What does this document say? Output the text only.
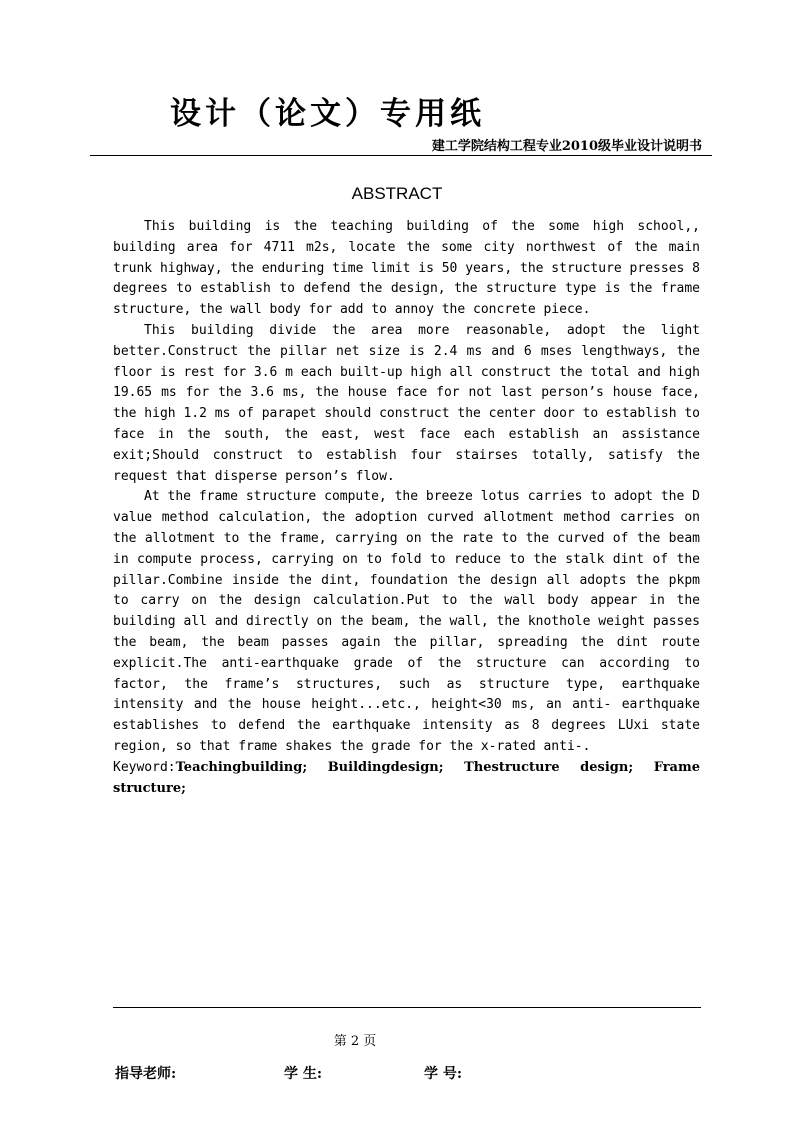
设计（论文）专用纸
建工学院结构工程专业2010级毕业设计说明书
ABSTRACT

This building is the teaching building of the some high school,, building area for 4711 m2s, locate the some city northwest of the main trunk highway, the enduring time limit is 50 years, the structure presses 8 degrees to establish to defend the design, the structure type is the frame structure, the wall body for add to annoy the concrete piece.

This building divide the area more reasonable, adopt the light better.Construct the pillar net size is 2.4 ms and 6 mses lengthways, the floor is rest for 3.6 m each built-up high all construct the total and high 19.65 ms for the 3.6 ms, the house face for not last person’s house face, the high 1.2 ms of parapet should construct the center door to establish to face in the south, the east, west face each establish an assistance exit;Should construct to establish four stairses totally, satisfy the request that disperse person’s flow.

At the frame structure compute, the breeze lotus carries to adopt the D value method calculation, the adoption curved allotment method carries on the allotment to the frame, carrying on the rate to the curved of the beam in compute process, carrying on to fold to reduce to the stalk dint of the pillar.Combine inside the dint, foundation the design all adopts the pkpm to carry on the design calculation.Put to the wall body appear in the building all and directly on the beam, the wall, the knothole weight passes the beam, the beam passes again the pillar, spreading the dint route explicit.The anti-earthquake grade of the structure can according to factor, the frame’s structures, such as structure type, earthquake intensity and the house height...etc., height<30 ms, an anti- earthquake establishes to defend the earthquake intensity as 8 degrees LUxi state region, so that frame shakes the grade for the x-rated anti-.

Keyword:Teachingbuilding; Buildingdesign; Thestructure design; Frame structure;
第 2 页
指导老师:	学 生:	学 号:
